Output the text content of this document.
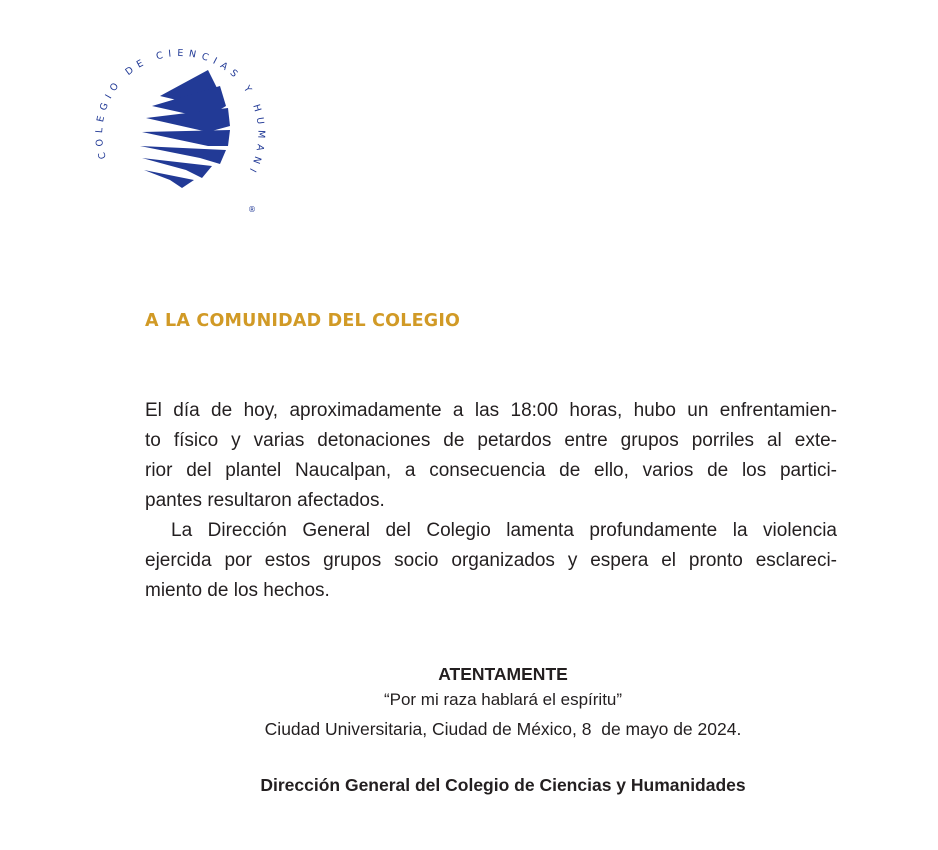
COLEGIO DE CIENCIAS Y HUMANI
®
A LA COMUNIDAD DEL COLEGIO

El día de hoy, aproximadamente a las 18:00 horas, hubo un enfrentamien-
to físico y varias detonaciones de petardos entre grupos porriles al exte-
rior del plantel Naucalpan, a consecuencia de ello, varios de los partici-
pantes resultaron afectados.

La Dirección General del Colegio lamenta profundamente la violencia
ejercida por estos grupos socio organizados y espera el pronto esclareci-
miento de los hechos.

ATENTAMENTE

“Por mi raza hablará el espíritu”

Ciudad Universitaria, Ciudad de México, 8  de mayo de 2024.

Dirección General del Colegio de Ciencias y Humanidades
